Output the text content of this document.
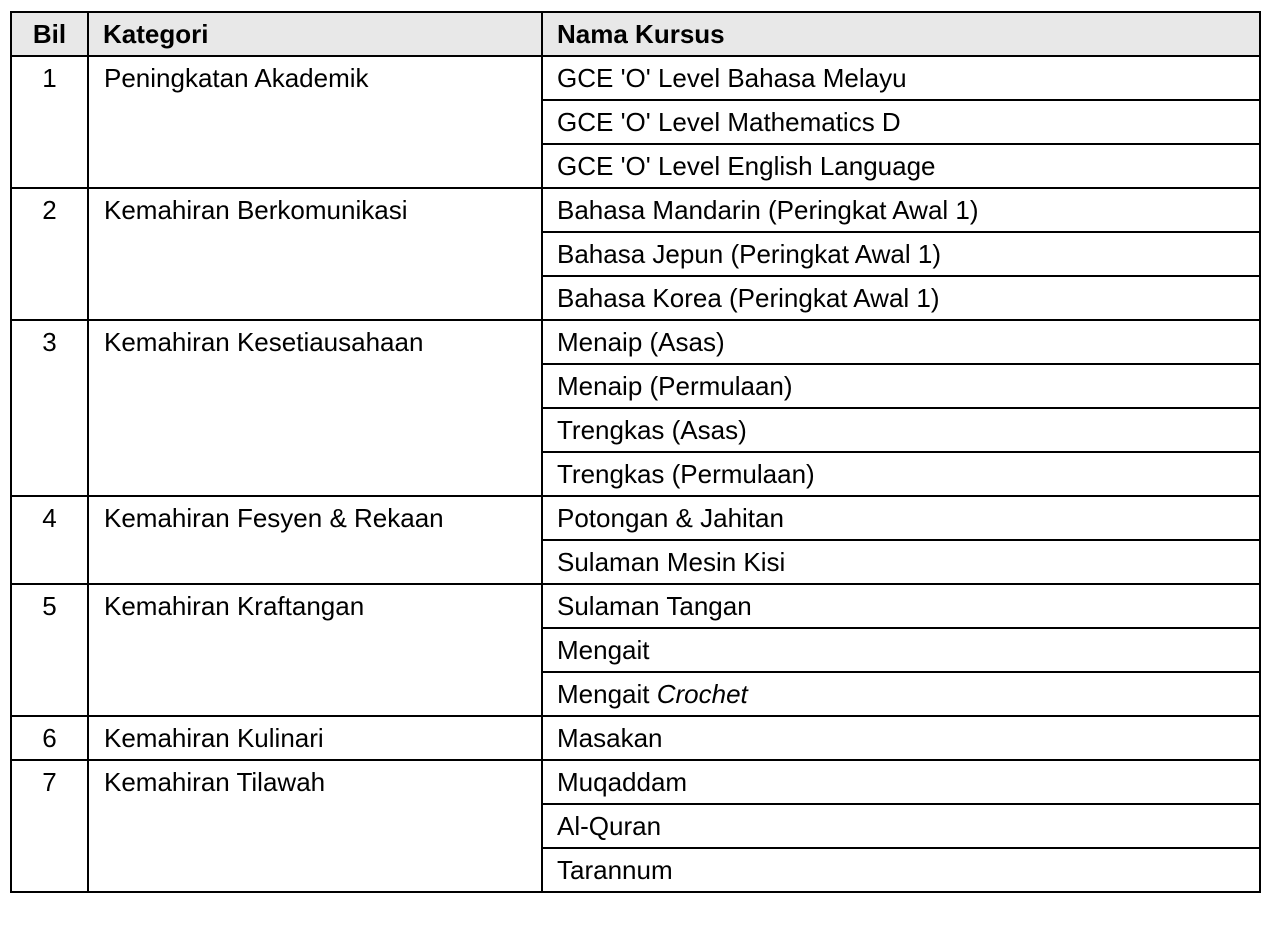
Bil	Kategori	Nama Kursus
1	Peningkatan Akademik	GCE 'O' Level Bahasa Melayu
		GCE 'O' Level Mathematics D
		GCE 'O' Level English Language
2	Kemahiran Berkomunikasi	Bahasa Mandarin (Peringkat Awal 1)
		Bahasa Jepun (Peringkat Awal 1)
		Bahasa Korea (Peringkat Awal 1)
3	Kemahiran Kesetiausahaan	Menaip (Asas)
		Menaip (Permulaan)
		Trengkas (Asas)
		Trengkas (Permulaan)
4	Kemahiran Fesyen & Rekaan	Potongan & Jahitan
		Sulaman Mesin Kisi
5	Kemahiran Kraftangan	Sulaman Tangan
		Mengait
		Mengait Crochet
6	Kemahiran Kulinari	Masakan
7	Kemahiran Tilawah	Muqaddam
		Al-Quran
		Tarannum
